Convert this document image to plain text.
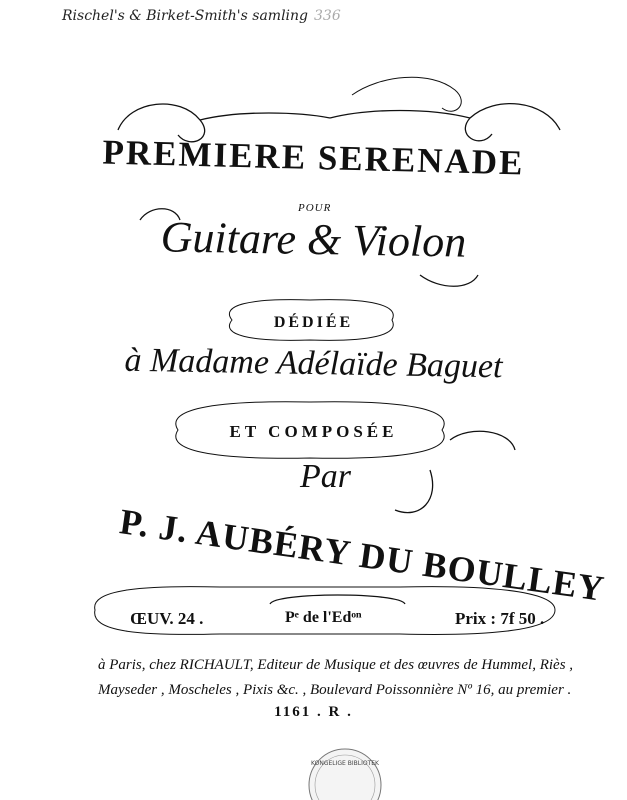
KONGELIGE BIBLIOTEK
Rischel's & Birket-Smith's samling 336
PREMIERE SERENADE
POUR
Guitare & Violon
DÉDIÉE
à Madame Adélaïde Baguet
ET COMPOSÉE
Par
P. J. AUBÉRY DU BOULLEY
ŒUV. 24 .	Pᵉ de l'Edᵒⁿ	Prix : 7f 50 .
à Paris, chez RICHAULT, Editeur de Musique et des œuvres de Hummel, Riès ,
Mayseder , Moscheles , Pixis &c. , Boulevard Poissonnière Nº 16, au premier .
1161 . R .
